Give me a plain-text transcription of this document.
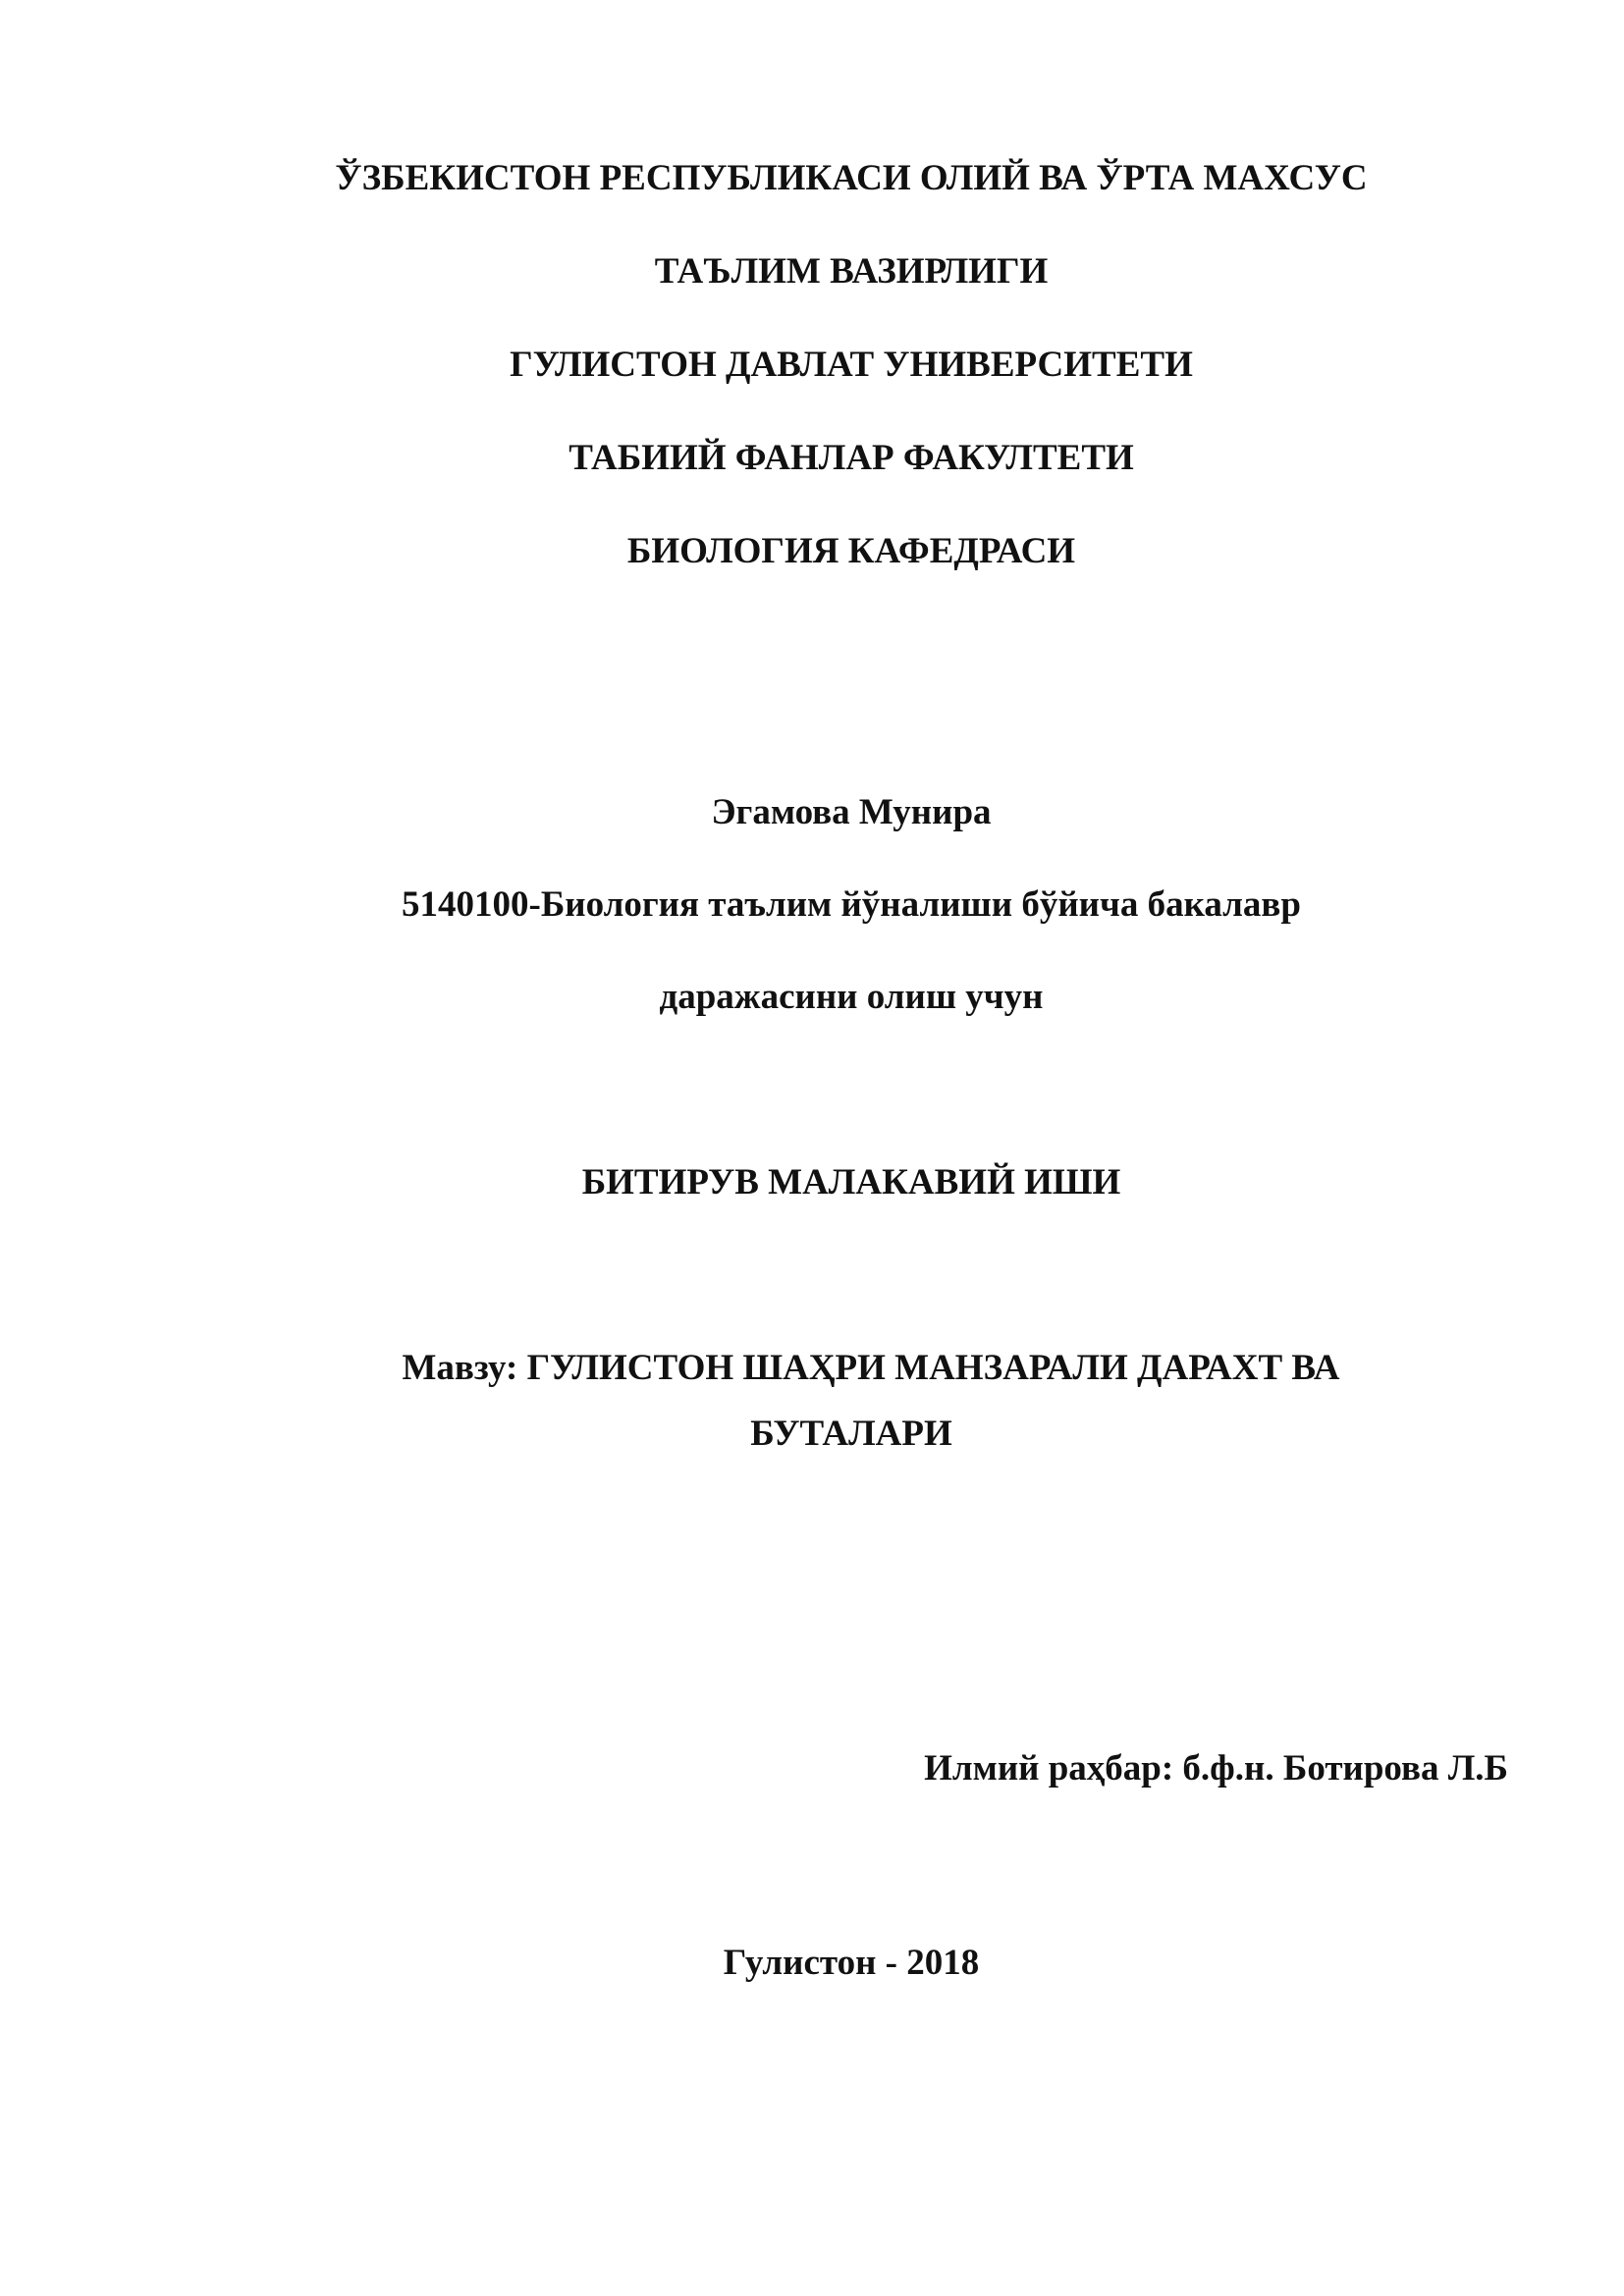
ЎЗБЕКИСТОН РЕСПУБЛИКАСИ ОЛИЙ ВА ЎРТА МАХСУС
ТАЪЛИМ ВАЗИРЛИГИ
ГУЛИСТОН ДАВЛАТ УНИВЕРСИТЕТИ
ТАБИИЙ ФАНЛАР ФАКУЛТЕТИ
БИОЛОГИЯ КАФЕДРАСИ
Эгамова Мунира
5140100-Биология таълим йўналиши бўйича бакалавр
даражасини олиш учун
БИТИРУВ МАЛАКАВИЙ ИШИ
Мавзу: ГУЛИСТОН ШАҲРИ МАНЗАРАЛИ ДАРАХТ ВА
БУТАЛАРИ
Илмий раҳбар: б.ф.н. Ботирова Л.Б
Гулистон - 2018
